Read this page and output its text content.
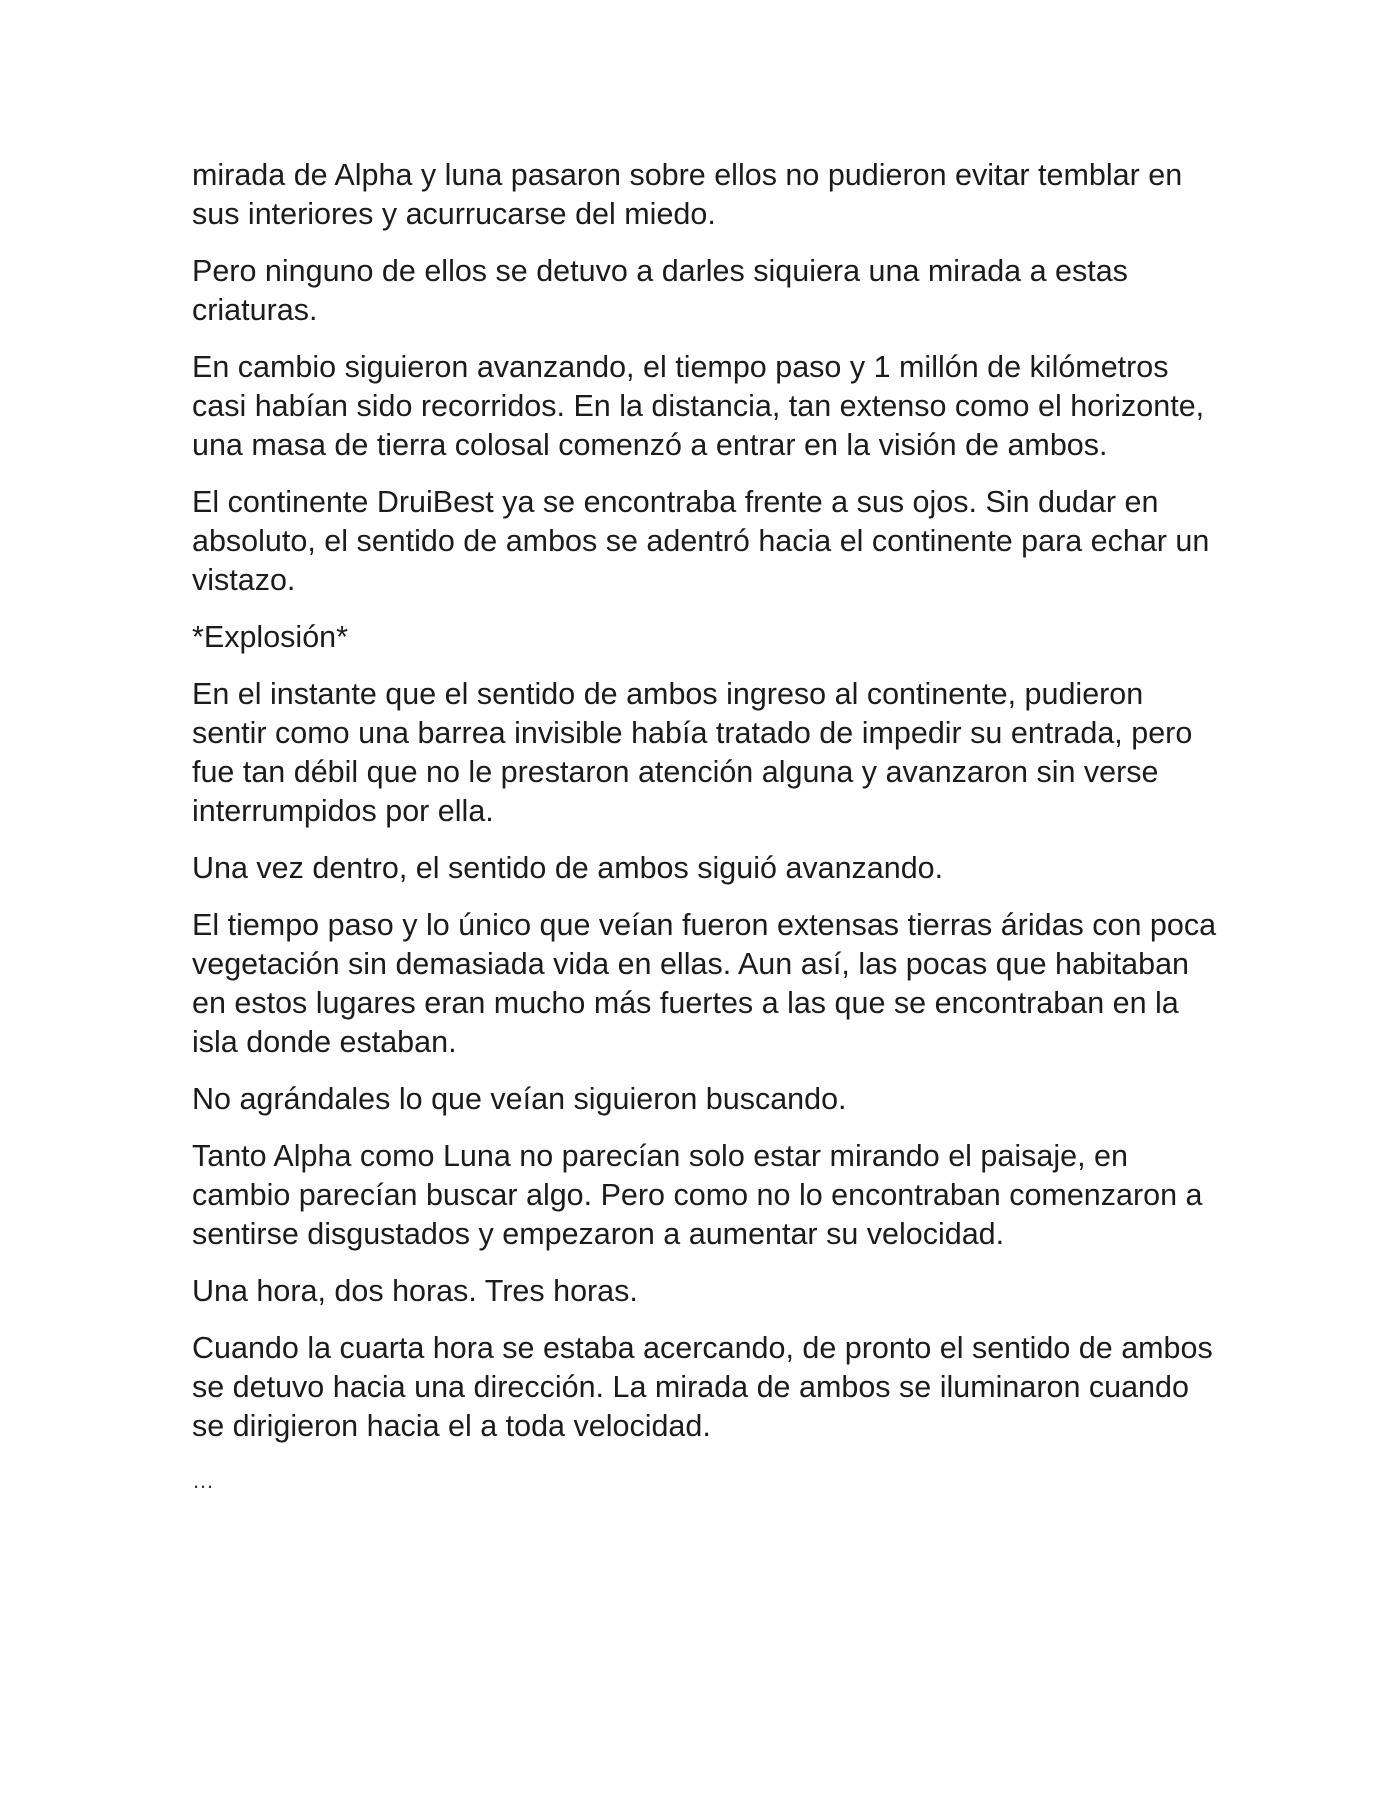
mirada de Alpha y luna pasaron sobre ellos no pudieron evitar temblar en sus interiores y acurrucarse del miedo.

Pero ninguno de ellos se detuvo a darles siquiera una mirada a estas criaturas.

En cambio siguieron avanzando, el tiempo paso y 1 millón de kilómetros casi habían sido recorridos. En la distancia, tan extenso como el horizonte, una masa de tierra colosal comenzó a entrar en la visión de ambos.

El continente DruiBest ya se encontraba frente a sus ojos. Sin dudar en absoluto, el sentido de ambos se adentró hacia el continente para echar un vistazo.

*Explosión*

En el instante que el sentido de ambos ingreso al continente, pudieron sentir como una barrea invisible había tratado de impedir su entrada, pero fue tan débil que no le prestaron atención alguna y avanzaron sin verse interrumpidos por ella.

Una vez dentro, el sentido de ambos siguió avanzando.

El tiempo paso y lo único que veían fueron extensas tierras áridas con poca vegetación sin demasiada vida en ellas. Aun así, las pocas que habitaban en estos lugares eran mucho más fuertes a las que se encontraban en la isla donde estaban.

No agrándales lo que veían siguieron buscando.

Tanto Alpha como Luna no parecían solo estar mirando el paisaje, en cambio parecían buscar algo. Pero como no lo encontraban comenzaron a sentirse disgustados y empezaron a aumentar su velocidad.

Una hora, dos horas. Tres horas.

Cuando la cuarta hora se estaba acercando, de pronto el sentido de ambos se detuvo hacia una dirección. La mirada de ambos se iluminaron cuando se dirigieron hacia el a toda velocidad.

…
